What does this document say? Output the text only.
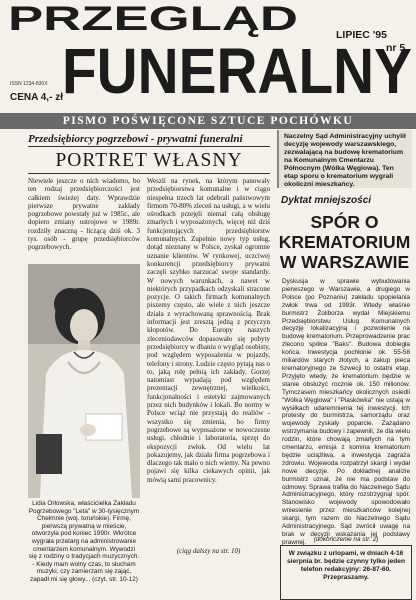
PRZEGLĄD
FUNERALNY
LIPIEC '95
nr 5
ISSN 1234-830X
CENA 4,- zł
PISMO POŚWIĘCONE SZTUCE POCHÓWKU
Przedsiębiorcy pogrzebowi - prywatni funeralni
PORTRET WŁASNY
Niewiele jeszcze o nich wiadomo, bo ten rodzaj przedsiębiorczości jest całkiem świeżej daty. Wprawdzie pierwsze prywatne zakłady pogrzebowe powstały już w 1985r., ale dopiero zmiany ustrojowe w 1989r. rozdziły znaczną - liczącą dziś ok. 3 tys. osób - grupę przedsiębiorców pogrzebowych.
Lidia Orłowska, właścicielka Zakładu Pogrzebowego "Leta" w 30-tysięcznym Chełmnie (woj. toruńskie). Firmę, pierwszą prywatną w mieście, otworzyła pod koniec 1990r. Wkrótce wygrała przetarg na administrowanie cmentarzem komunalnym. Wywodzi się z rodziny o tradycjach muzycznych. - Kiedy mam wolny czas, to słucham muzyki, czy zamierzam się zająć, zapadł mi się głowy... (czyt. str. 10-12)
Weszli na rynek, na którym panowały przedsiębiorstwa komunalne i w ciągu niespełna trzech lat odebrali państwowym firmom 70-80% zleceń na usługi, a w wielu ośrodkach przejęli niemal całą obsługę zmarłych i wyposażonych, więcej niż dziś funkcjonujących przedsiębiorstw komunalnych. Zupełnie nowy typ usług, dotąd nieznany w Polsce, zyskał ogromne uznanie klientów. W rynkowej, uczciwej konkurencji przedsiębiorcy prywatni zaczęli szybko narzucać swoje standardy. W nowych warunkach, a nawet w niektórych przypadkach odzyskali stracone pozycje. O takich firmach komunalnych piszemy często, ale wiele z nich jeszcze działa z wyrachowaną sprawnością. Brak informacji jest zresztą jedną z przyczyn kłopotów. Do Europy naszych zleceniodawców dopasowało się pobyty przedsiębiorcy w dbaniu o wygląd osobisty, pod względem wyposażenia w pojazdy, telefony i strony. Ludzie często pytają nas o to, jaką rolę pełnią ich zakłady. Gorzej natomiast wypadają pod względem prezentacji zewnętrznej, wielkości, funkcjonalności i estetyki zajmowanych przez nich budynków i lokali. Bo normy w Polsce wciąż nie przystają do realiów - wszystko się zmienia, bo firmy pogrzebowe są wyposażone w nowoczesne usługi, chłodnie i laboratoria, sprzęt do ekspozycji zwłok. Od wielu lat pokazujemy, jak działa firma pogrzebowa i dlaczego tak mało o nich wiemy. Na pewno pojawi się kilka ciekawych opinii, jak mówią sami pracownicy.
(ciąg dalszy na str. 10)
Naczelny Sąd Administracyjny uchylił decyzję wojewody warszawskiego, zezwalającą na budowę krematorium na Komunalnym Cmentarzu Północnym (Wólka Węglowa). Ten etap sporu o krematorium wygrali okoliczni mieszkańcy.
Dyktat mniejszości
SPÓR O KREMATORIUM W WARSZAWIE
Dyskusja w sprawie wybudowania pierwszego w Warszawie, a drugiego w Polsce (po Poznaniu) zakładu spopielania zwłok trwa od 1993r. Wtedy właśnie burmistrz Żoliborza wydał Miejskiemu Przedsiębiorstwu Usług Komunalnych decyzję lokalizacyjną i pozwolenie na budowę krematorium. Przeprowadzenie prac zlecono spółce "Baks". Budowa dobiegła końca. Inwestycja pochłonie ok. 55-58 miliardów starych złotych, a zakup pieca krematoryjnego ze Szwecji to ostatni etap. Przyjęto wtedy, że krematorium będzie w stanie obsłużyć rocznie ok. 150 milionów. Tymczasem mieszkańcy okolicznych osiedli "Wólka Węglowa" i "Piaskówka" nie ustają w wysiłkach udaremnienia tej inwestycji. Ich protesty do burmistrza, samorządu oraz wojewody zyskały poparcie. Zażądano wstrzymania budowy i zapewnili, że dla wielu rodzin, które chowają zmarłych na tym cmentarzu, emisja z komina krematorium będzie uciążliwa, a inwestycja zagraża zdrowiu. Wojewoda rozpatrzył skargi i wydał nowe decyzje. Po dokładnej analizie burmistrz uznał, że nie ma podstaw do odmowy. Sprawa trafiła do Naczelnego Sądu Administracyjnego, który rozstrzygnął spór. Stanowisko wojewody spowodowało wniesienie przez mieszkańców kolejnej skargi, tym razem do Naczelnego Sądu Administracyjnego. Sąd zwrócił uwagę na brak w decyzji wskazania jej podstawy prawnej.	(dokończenie na str. 2)
W związku z urlopami, w dniach 4-16 sierpnia br. będzie czynny tylko jeden telefon redakcyjny: 26-87-60. Przepraszamy.
